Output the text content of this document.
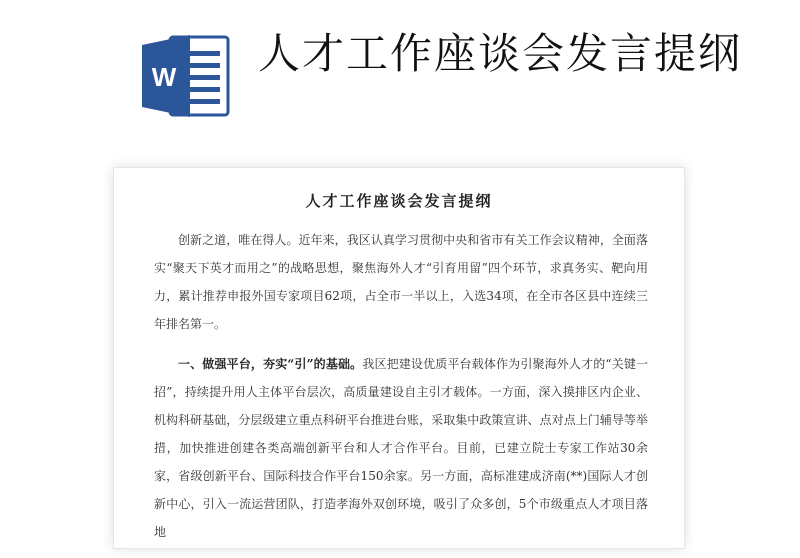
W 人才工作座谈会发言提纲
人才工作座谈会发言提纲

创新之道，唯在得人。近年来，我区认真学习贯彻中央和省市有关工作会议精神，全面落实“聚天下英才而用之”的战略思想，聚焦海外人才“引育用留”四个环节，求真务实、靶向用力，累计推荐申报外国专家项目62项，占全市一半以上，入选34项，在全市各区县中连续三年排名第一。

一、做强平台，夯实“引”的基础。我区把建设优质平台载体作为引聚海外人才的“关键一招”，持续提升用人主体平台层次，高质量建设自主引才载体。一方面，深入摸排区内企业、机构科研基础，分层级建立重点科研平台推进台账，采取集中政策宣讲、点对点上门辅导等举措，加快推进创建各类高端创新平台和人才合作平台。目前，已建立院士专家工作站30余家，省级创新平台、国际科技合作平台150余家。另一方面，高标准建成济南(**)国际人才创新中心，引入一流运营团队，打造孝海外双创环境，吸引了众多创，5个市级重点人才项目落地
